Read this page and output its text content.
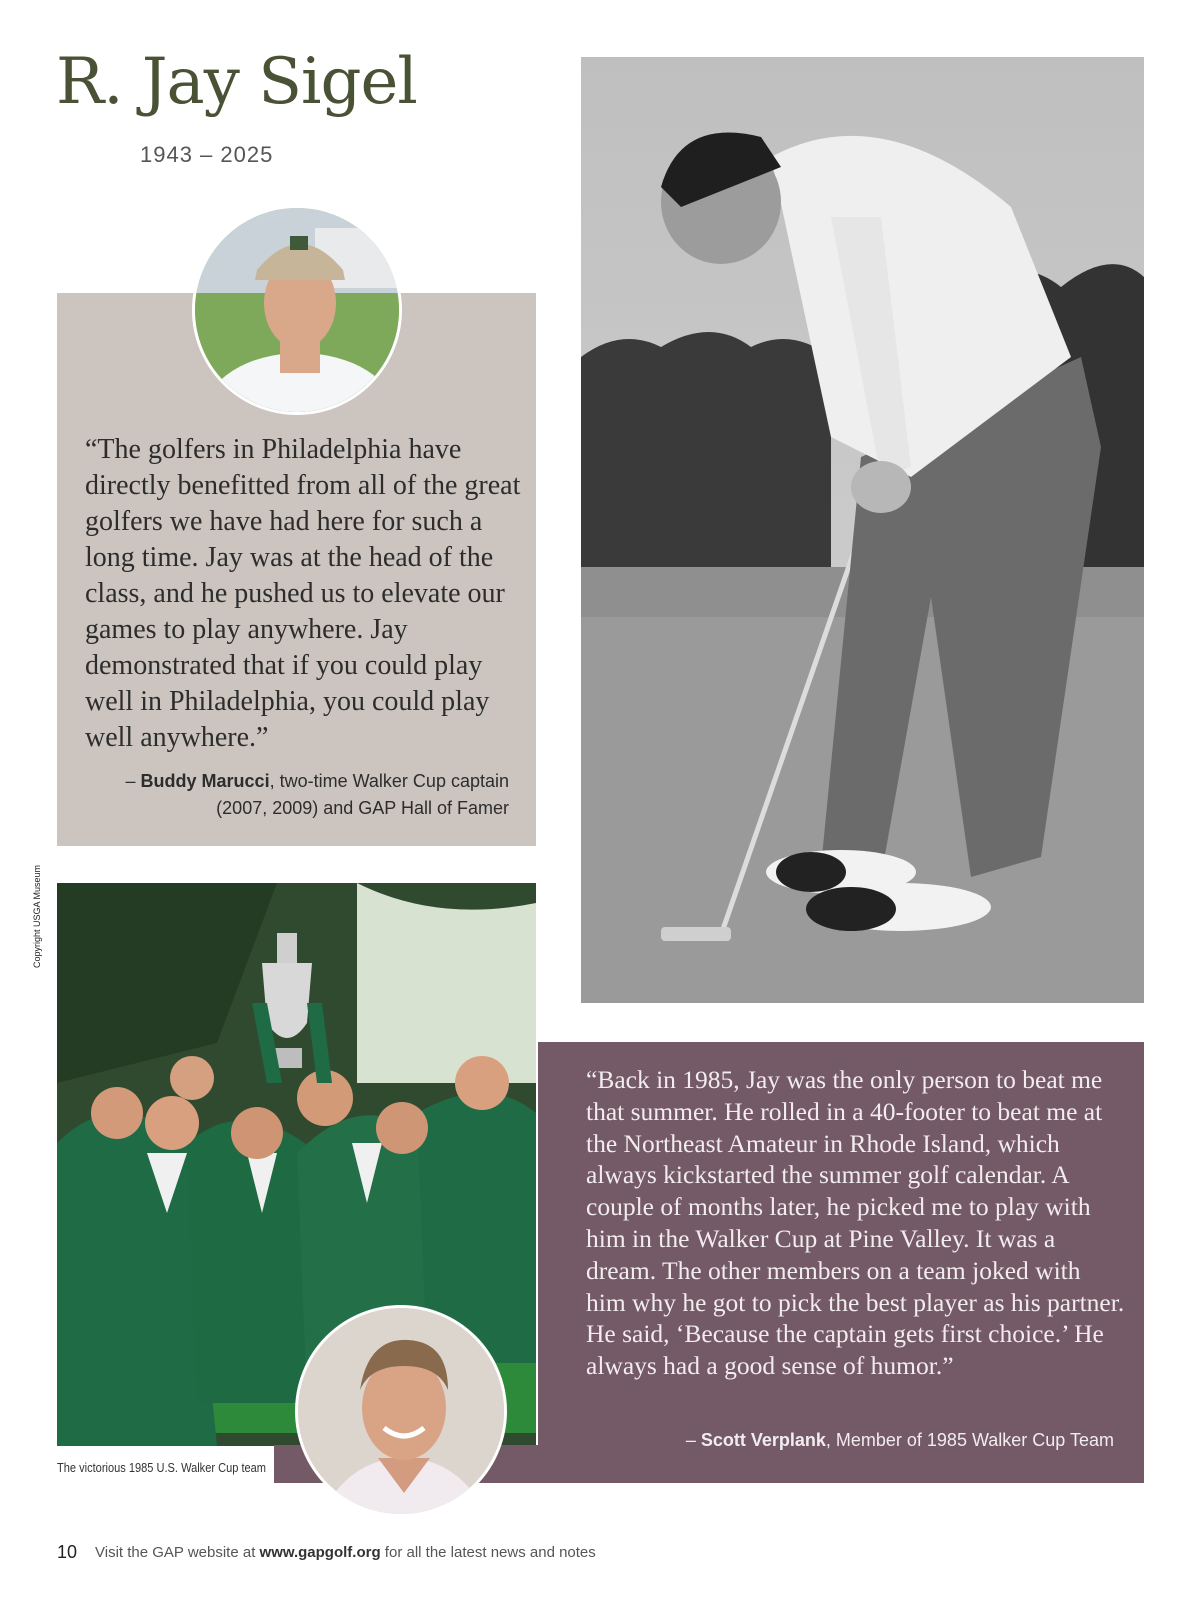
R. Jay Sigel
1943 – 2025
“The golfers in Philadelphia have directly benefitted from all of the great golfers we have had here for such a long time. Jay was at the head of the class, and he pushed us to elevate our games to play anywhere. Jay demonstrated that if you could play well in Philadelphia, you could play well anywhere.”
– Buddy Marucci, two-time Walker Cup captain
(2007, 2009) and GAP Hall of Famer
Copyright USGA Museum
The victorious 1985 U.S. Walker Cup team
“Back in 1985, Jay was the only person to beat me that summer. He rolled in a 40-footer to beat me at the Northeast Amateur in Rhode Island, which always kickstarted the summer golf calendar. A couple of months later, he picked me to play with him in the Walker Cup at Pine Valley. It was a dream. The other members on a team joked with him why he got to pick the best player as his partner. He said, ‘Because the captain gets first choice.’ He always had a good sense of humor.”
– Scott Verplank, Member of 1985 Walker Cup Team
10 Visit the GAP website at www.gapgolf.org for all the latest news and notes
